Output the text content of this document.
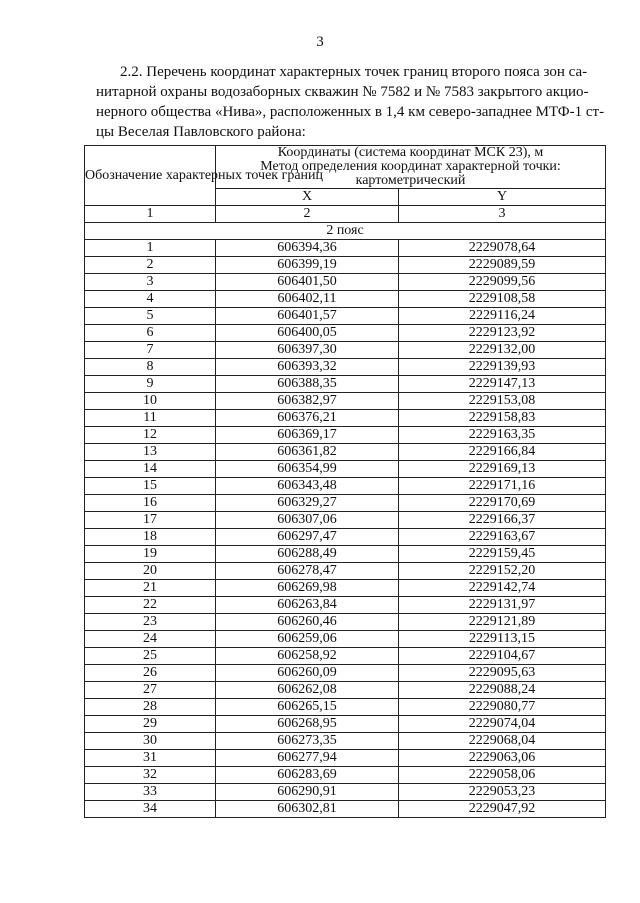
3
2.2. Перечень координат характерных точек границ второго пояса зон са-
нитарной охраны водозаборных скважин № 7582 и № 7583 закрытого акцио-
нерного общества «Нива», расположенных в 1,4 км северо-западнее МТФ-1 ст-
цы Веселая Павловского района:
Обозначение характерных точек границ	Координаты (система координат МСК 23), м
Метод определения координат характерной точки:
картометрический	

	X	Y
1	2	3
2 пояс		
1	606394,36	2229078,64
2	606399,19	2229089,59
3	606401,50	2229099,56
4	606402,11	2229108,58
5	606401,57	2229116,24
6	606400,05	2229123,92
7	606397,30	2229132,00
8	606393,32	2229139,93
9	606388,35	2229147,13
10	606382,97	2229153,08
11	606376,21	2229158,83
12	606369,17	2229163,35
13	606361,82	2229166,84
14	606354,99	2229169,13
15	606343,48	2229171,16
16	606329,27	2229170,69
17	606307,06	2229166,37
18	606297,47	2229163,67
19	606288,49	2229159,45
20	606278,47	2229152,20
21	606269,98	2229142,74
22	606263,84	2229131,97
23	606260,46	2229121,89
24	606259,06	2229113,15
25	606258,92	2229104,67
26	606260,09	2229095,63
27	606262,08	2229088,24
28	606265,15	2229080,77
29	606268,95	2229074,04
30	606273,35	2229068,04
31	606277,94	2229063,06
32	606283,69	2229058,06
33	606290,91	2229053,23
34	606302,81	2229047,92
